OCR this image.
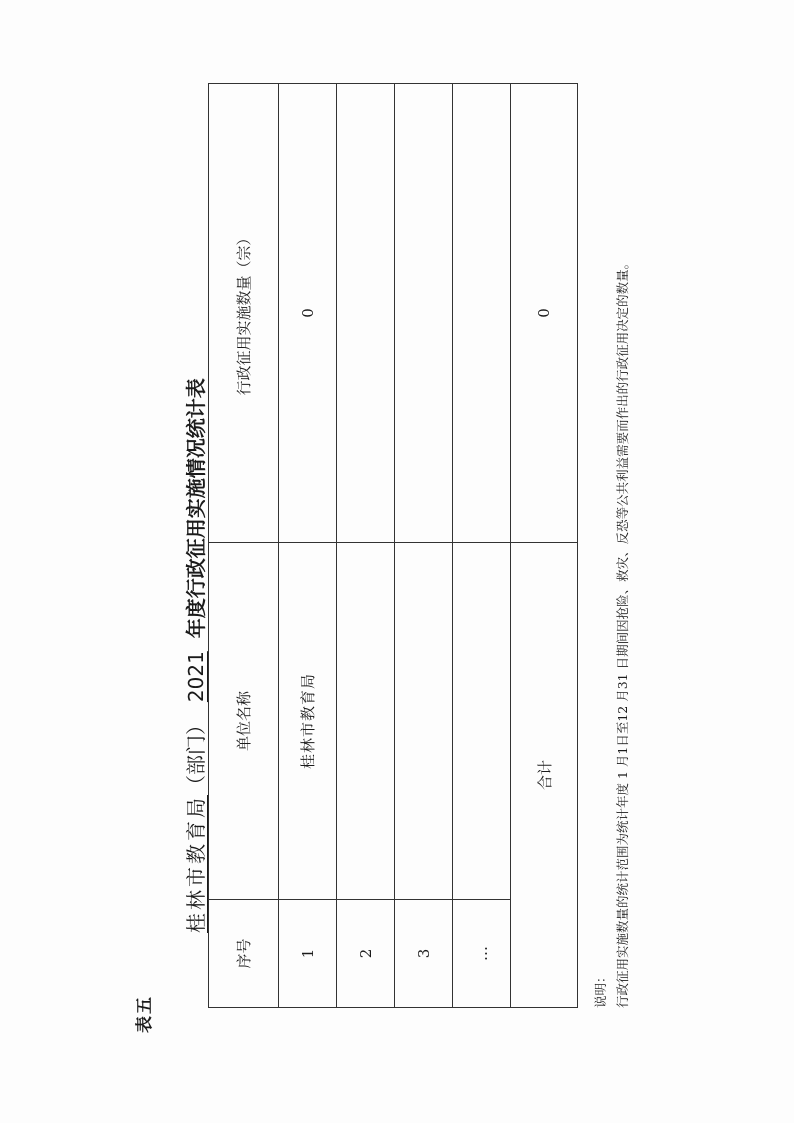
表五
桂林市教育局（部门） 2021 年度行政征用实施情况统计表
序号	单位名称	行政征用实施数量（宗）
1	桂林市教育局	0
2		
3		
…		
合计		0
说明： 行政征用实施数量的统计范围为统计年度 1 月1日至12 月31 日期间因抢险、救灾、反恐等公共利益需要而作出的行政征用决定的数量。
